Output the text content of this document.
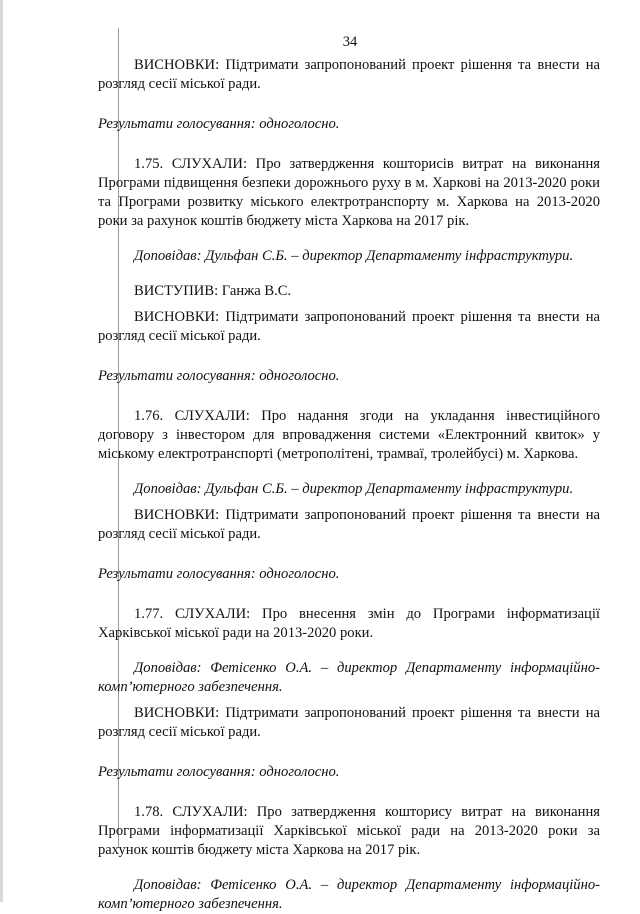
34

ВИСНОВКИ: Підтримати запропонований проект рішення та внести на розгляд сесії міської ради.

Результати голосування: одноголосно.

1.75. СЛУХАЛИ: Про затвердження кошторисів витрат на виконання Програми підвищення безпеки дорожнього руху в м. Харкові на 2013-2020 роки та Програми розвитку міського електротранспорту м. Харкова на 2013-2020 роки за рахунок коштів бюджету міста Харкова на 2017 рік.

Доповідав: Дульфан С.Б. – директор Департаменту інфраструктури.

ВИСТУПИВ: Ганжа В.С.

ВИСНОВКИ: Підтримати запропонований проект рішення та внести на розгляд сесії міської ради.

Результати голосування: одноголосно.

1.76. СЛУХАЛИ: Про надання згоди на укладання інвестиційного договору з інвестором для впровадження системи «Електронний квиток» у міському електротранспорті (метрополітені, трамваї, тролейбусі) м. Харкова.

Доповідав: Дульфан С.Б. – директор Департаменту інфраструктури.

ВИСНОВКИ: Підтримати запропонований проект рішення та внести на розгляд сесії міської ради.

Результати голосування: одноголосно.

1.77. СЛУХАЛИ: Про внесення змін до Програми інформатизації Харківської міської ради на 2013-2020 роки.

Доповідав: Фетісенко О.А. – директор Департаменту інформаційно-комп’ютерного забезпечення.

ВИСНОВКИ: Підтримати запропонований проект рішення та внести на розгляд сесії міської ради.

Результати голосування: одноголосно.

1.78. СЛУХАЛИ: Про затвердження кошторису витрат на виконання Програми інформатизації Харківської міської ради на 2013-2020 роки за рахунок коштів бюджету міста Харкова на 2017 рік.

Доповідав: Фетісенко О.А. – директор Департаменту інформаційно-комп’ютерного забезпечення.
